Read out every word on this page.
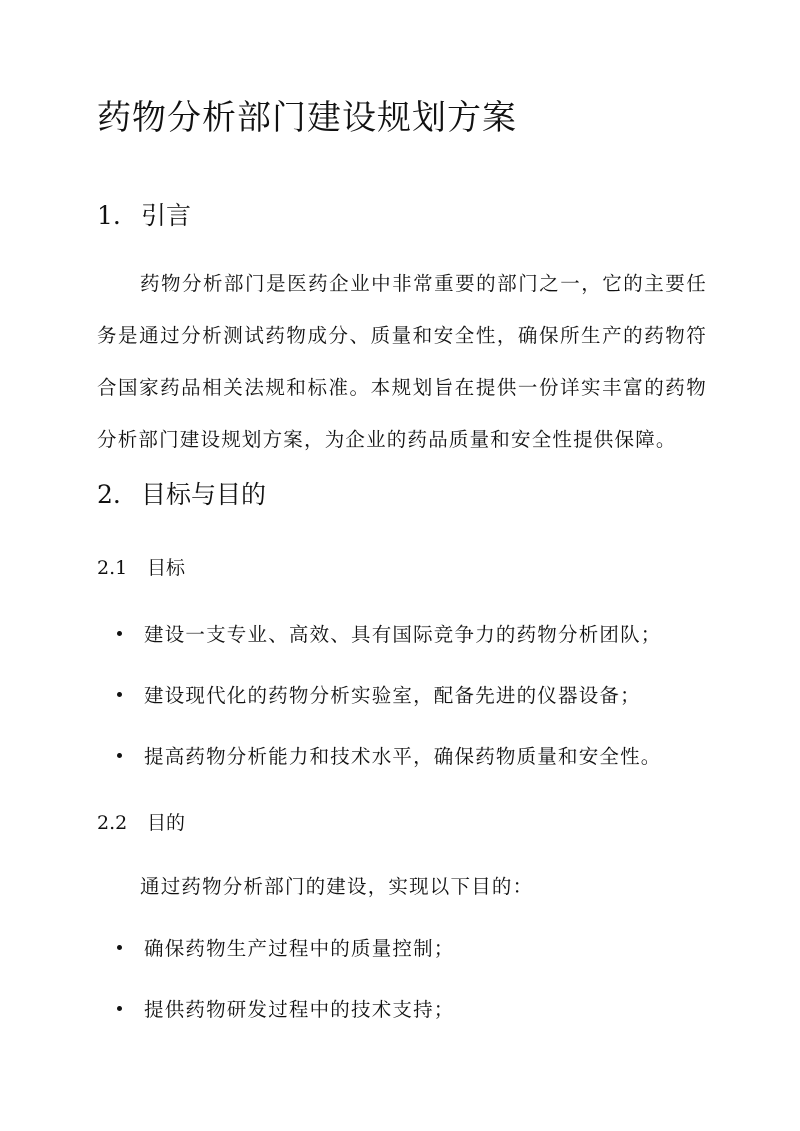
药物分析部门建设规划方案
1. 引言

药物分析部门是医药企业中非常重要的部门之一，它的主要任务是通过分析测试药物成分、质量和安全性，确保所生产的药物符合国家药品相关法规和标准。本规划旨在提供一份详实丰富的药物分析部门建设规划方案，为企业的药品质量和安全性提供保障。

2. 目标与目的
2.1 目标

建设一支专业、高效、具有国际竞争力的药物分析团队；

建设现代化的药物分析实验室，配备先进的仪器设备；

提高药物分析能力和技术水平，确保药物质量和安全性。

2.2 目的

通过药物分析部门的建设，实现以下目的：

确保药物生产过程中的质量控制；

提供药物研发过程中的技术支持；
